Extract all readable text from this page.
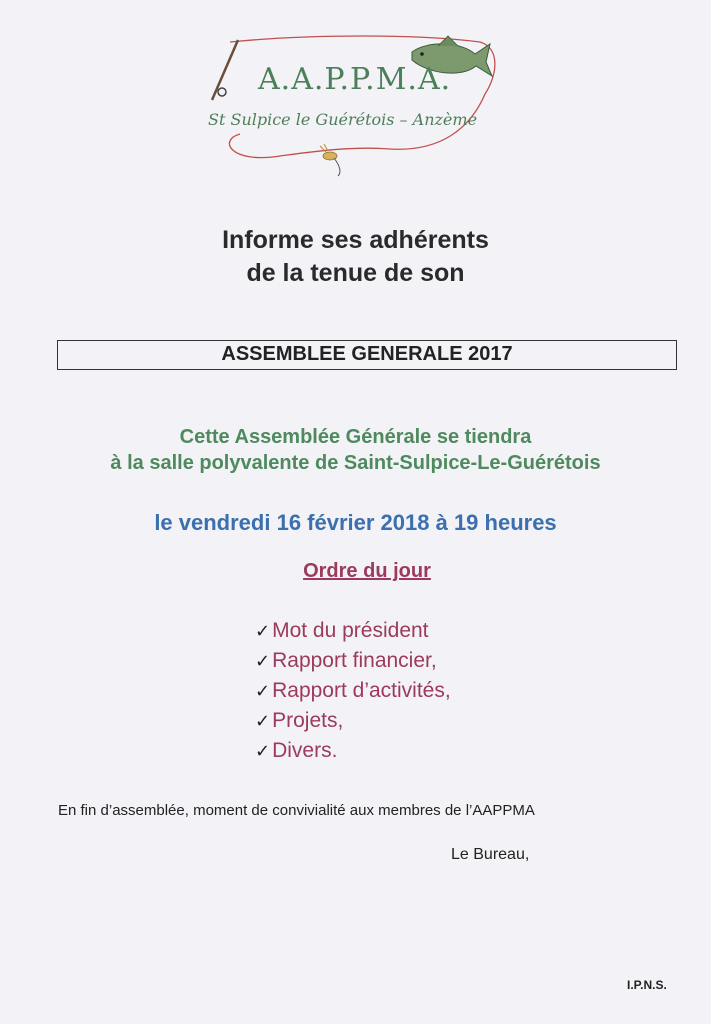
A.A.P.P.M.A.
St Sulpice le Guérétois – Anzème
Informe ses adhérents
de la tenue de son
ASSEMBLEE GENERALE 2017
Cette Assemblée Générale se tiendra
à la salle polyvalente de Saint-Sulpice-Le-Guérétois
le vendredi 16 février 2018 à 19 heures
Ordre du jour
✓Mot du président
✓Rapport financier,
✓Rapport d’activités,
✓Projets,
✓Divers.
En fin d’assemblée, moment de convivialité aux membres de l’AAPPMA
Le Bureau,
I.P.N.S.
